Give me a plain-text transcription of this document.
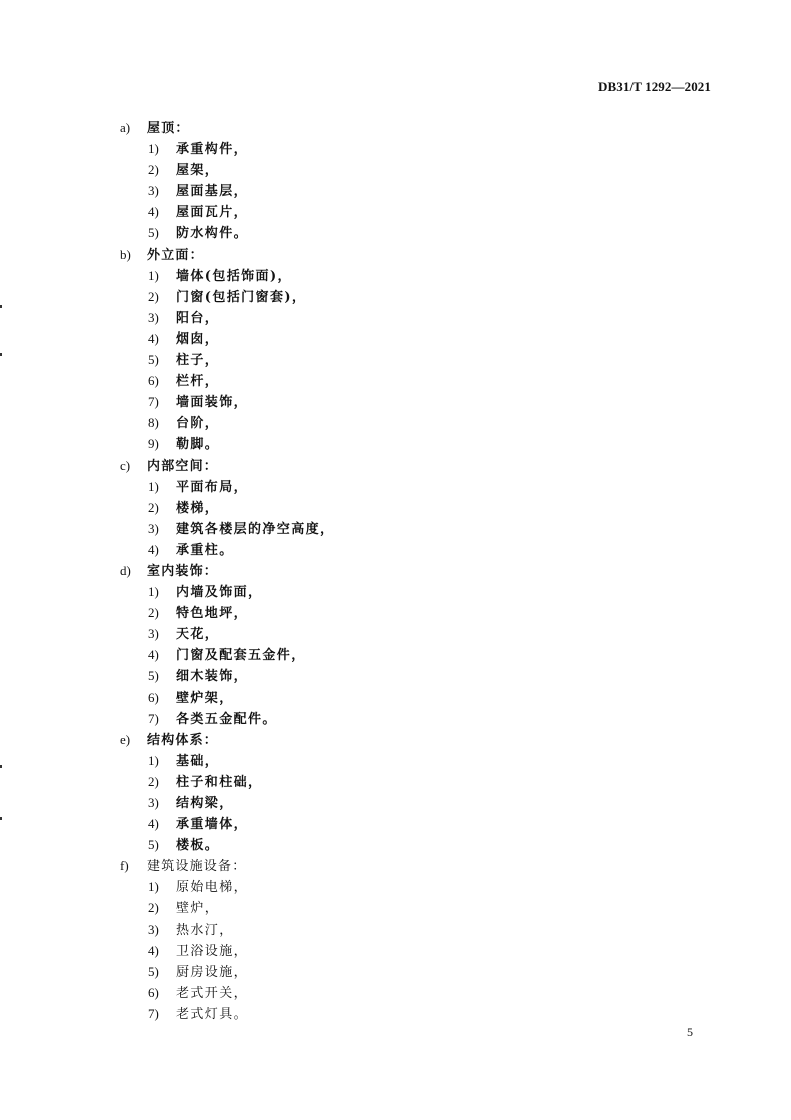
DB31/T 1292—2021
a) 屋顶：
1) 承重构件，
2) 屋架，
3) 屋面基层，
4) 屋面瓦片，
5) 防水构件。
b) 外立面：
1) 墙体(包括饰面)，
2) 门窗(包括门窗套)，
3) 阳台，
4) 烟囱，
5) 柱子，
6) 栏杆，
7) 墙面装饰，
8) 台阶，
9) 勒脚。
c) 内部空间：
1) 平面布局，
2) 楼梯，
3) 建筑各楼层的净空高度，
4) 承重柱。
d) 室内装饰：
1) 内墙及饰面，
2) 特色地坪，
3) 天花，
4) 门窗及配套五金件，
5) 细木装饰，
6) 壁炉架，
7) 各类五金配件。
e) 结构体系：
1) 基础，
2) 柱子和柱础，
3) 结构梁，
4) 承重墙体，
5) 楼板。
f) 建筑设施设备：
1) 原始电梯，
2) 壁炉，
3) 热水汀，
4) 卫浴设施，
5) 厨房设施，
6) 老式开关，
7) 老式灯具。
5
